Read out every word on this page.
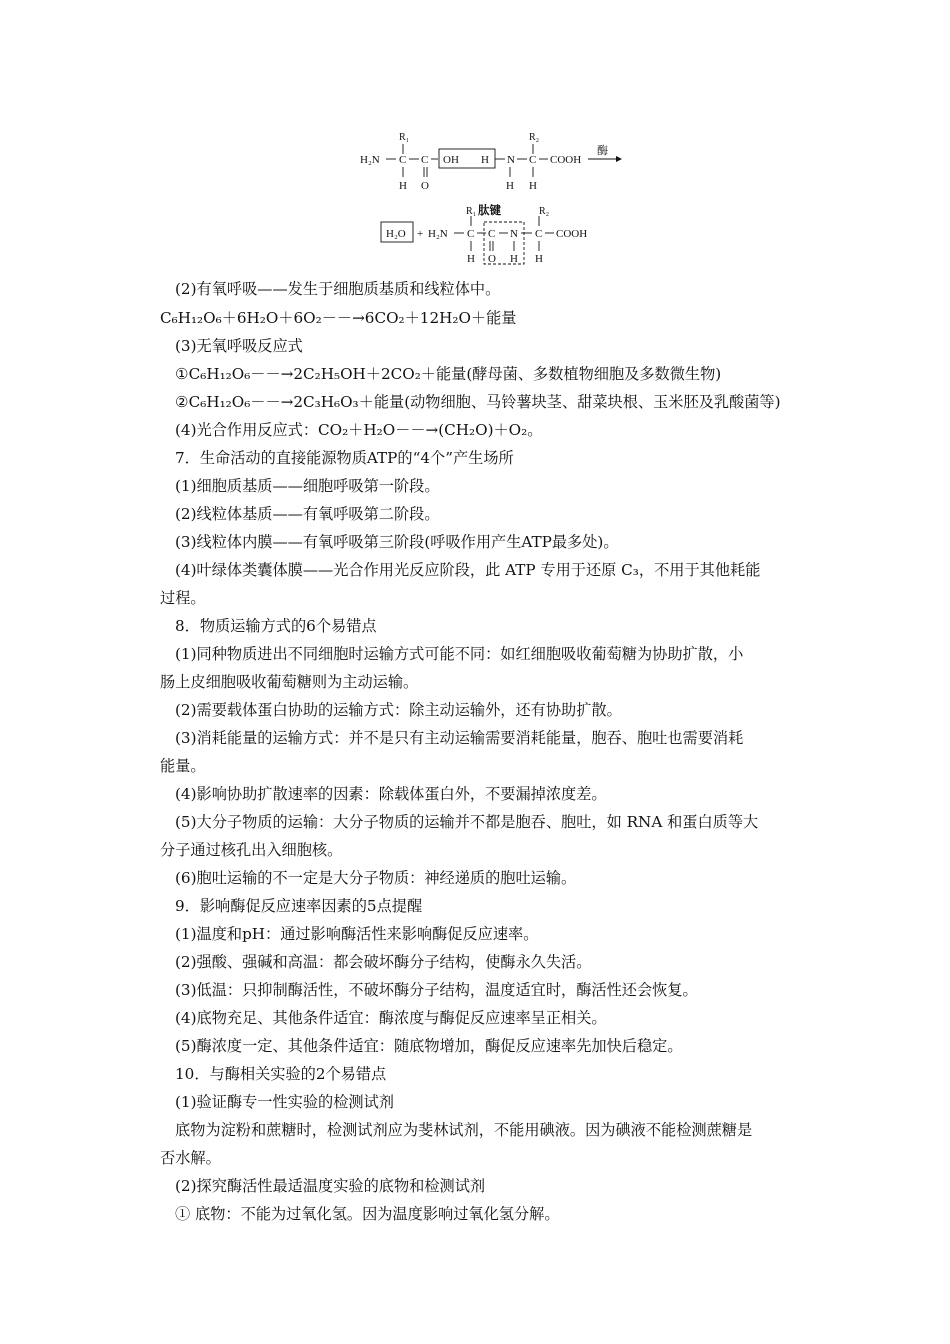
R₁	R₂
H₂N C C OH H N C COOH
酶
H O	H H
肽键
R₁	R₂
H₂O + H₂N C C N C COOH
H O H H
(2)有氧呼吸——发生于细胞质基质和线粒体中。
C₆H₁₂O₆＋6H₂O＋6O₂－－→6CO₂＋12H₂O＋能量
(3)无氧呼吸反应式
①C₆H₁₂O₆－－→2C₂H₅OH＋2CO₂＋能量(酵母菌、多数植物细胞及多数微生物)
②C₆H₁₂O₆－－→2C₃H₆O₃＋能量(动物细胞、马铃薯块茎、甜菜块根、玉米胚及乳酸菌等)
(4)光合作用反应式：CO₂＋H₂O－－→(CH₂O)＋O₂。
7．生命活动的直接能源物质ATP的“4个”产生场所
(1)细胞质基质——细胞呼吸第一阶段。
(2)线粒体基质——有氧呼吸第二阶段。
(3)线粒体内膜——有氧呼吸第三阶段(呼吸作用产生ATP最多处)。
(4)叶绿体类囊体膜——光合作用光反应阶段，此 ATP 专用于还原 C₃，不用于其他耗能
过程。
8．物质运输方式的6个易错点
(1)同种物质进出不同细胞时运输方式可能不同：如红细胞吸收葡萄糖为协助扩散，小
肠上皮细胞吸收葡萄糖则为主动运输。
(2)需要载体蛋白协助的运输方式：除主动运输外，还有协助扩散。
(3)消耗能量的运输方式：并不是只有主动运输需要消耗能量，胞吞、胞吐也需要消耗
能量。
(4)影响协助扩散速率的因素：除载体蛋白外，不要漏掉浓度差。
(5)大分子物质的运输：大分子物质的运输并不都是胞吞、胞吐，如 RNA 和蛋白质等大
分子通过核孔出入细胞核。
(6)胞吐运输的不一定是大分子物质：神经递质的胞吐运输。
9．影响酶促反应速率因素的5点提醒
(1)温度和pH：通过影响酶活性来影响酶促反应速率。
(2)强酸、强碱和高温：都会破坏酶分子结构，使酶永久失活。
(3)低温：只抑制酶活性，不破坏酶分子结构，温度适宜时，酶活性还会恢复。
(4)底物充足、其他条件适宜：酶浓度与酶促反应速率呈正相关。
(5)酶浓度一定、其他条件适宜：随底物增加，酶促反应速率先加快后稳定。
10．与酶相关实验的2个易错点
(1)验证酶专一性实验的检测试剂
底物为淀粉和蔗糖时，检测试剂应为斐林试剂，不能用碘液。因为碘液不能检测蔗糖是
否水解。
(2)探究酶活性最适温度实验的底物和检测试剂
① 底物：不能为过氧化氢。因为温度影响过氧化氢分解。
